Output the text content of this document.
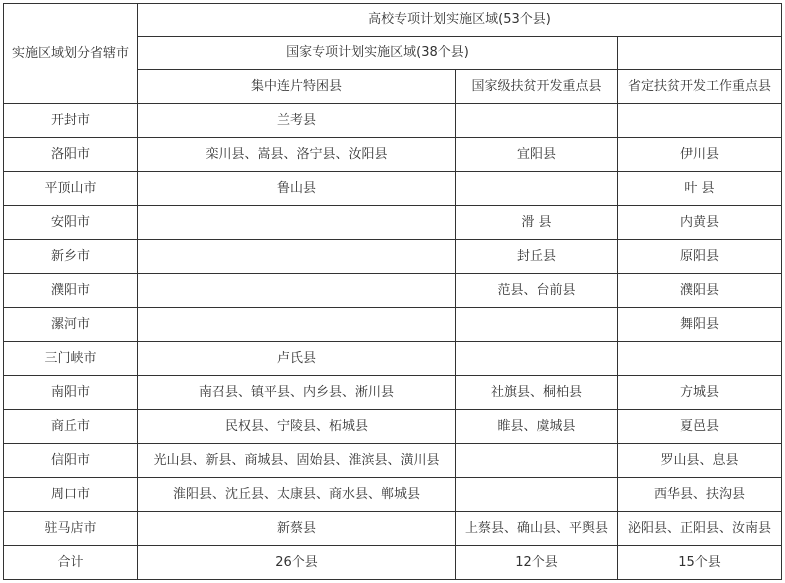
实施区域划分省辖市	高校专项计划实施区域(53个县)		
	国家专项计划实施区域(38个县)		
	集中连片特困县	国家级扶贫开发重点县	省定扶贫开发工作重点县
开封市	兰考县		
洛阳市	栾川县、嵩县、洛宁县、汝阳县	宜阳县	伊川县
平顶山市	鲁山县		叶 县
安阳市		滑 县	内黄县
新乡市		封丘县	原阳县
濮阳市		范县、台前县	濮阳县
漯河市			舞阳县
三门峡市	卢氏县		
南阳市	南召县、镇平县、内乡县、淅川县	社旗县、桐柏县	方城县
商丘市	民权县、宁陵县、柘城县	睢县、虞城县	夏邑县
信阳市	光山县、新县、商城县、固始县、淮滨县、潢川县		罗山县、息县
周口市	淮阳县、沈丘县、太康县、商水县、郸城县		西华县、扶沟县
驻马店市	新蔡县	上蔡县、确山县、平舆县	泌阳县、正阳县、汝南县
合计	26个县	12个县	15个县
